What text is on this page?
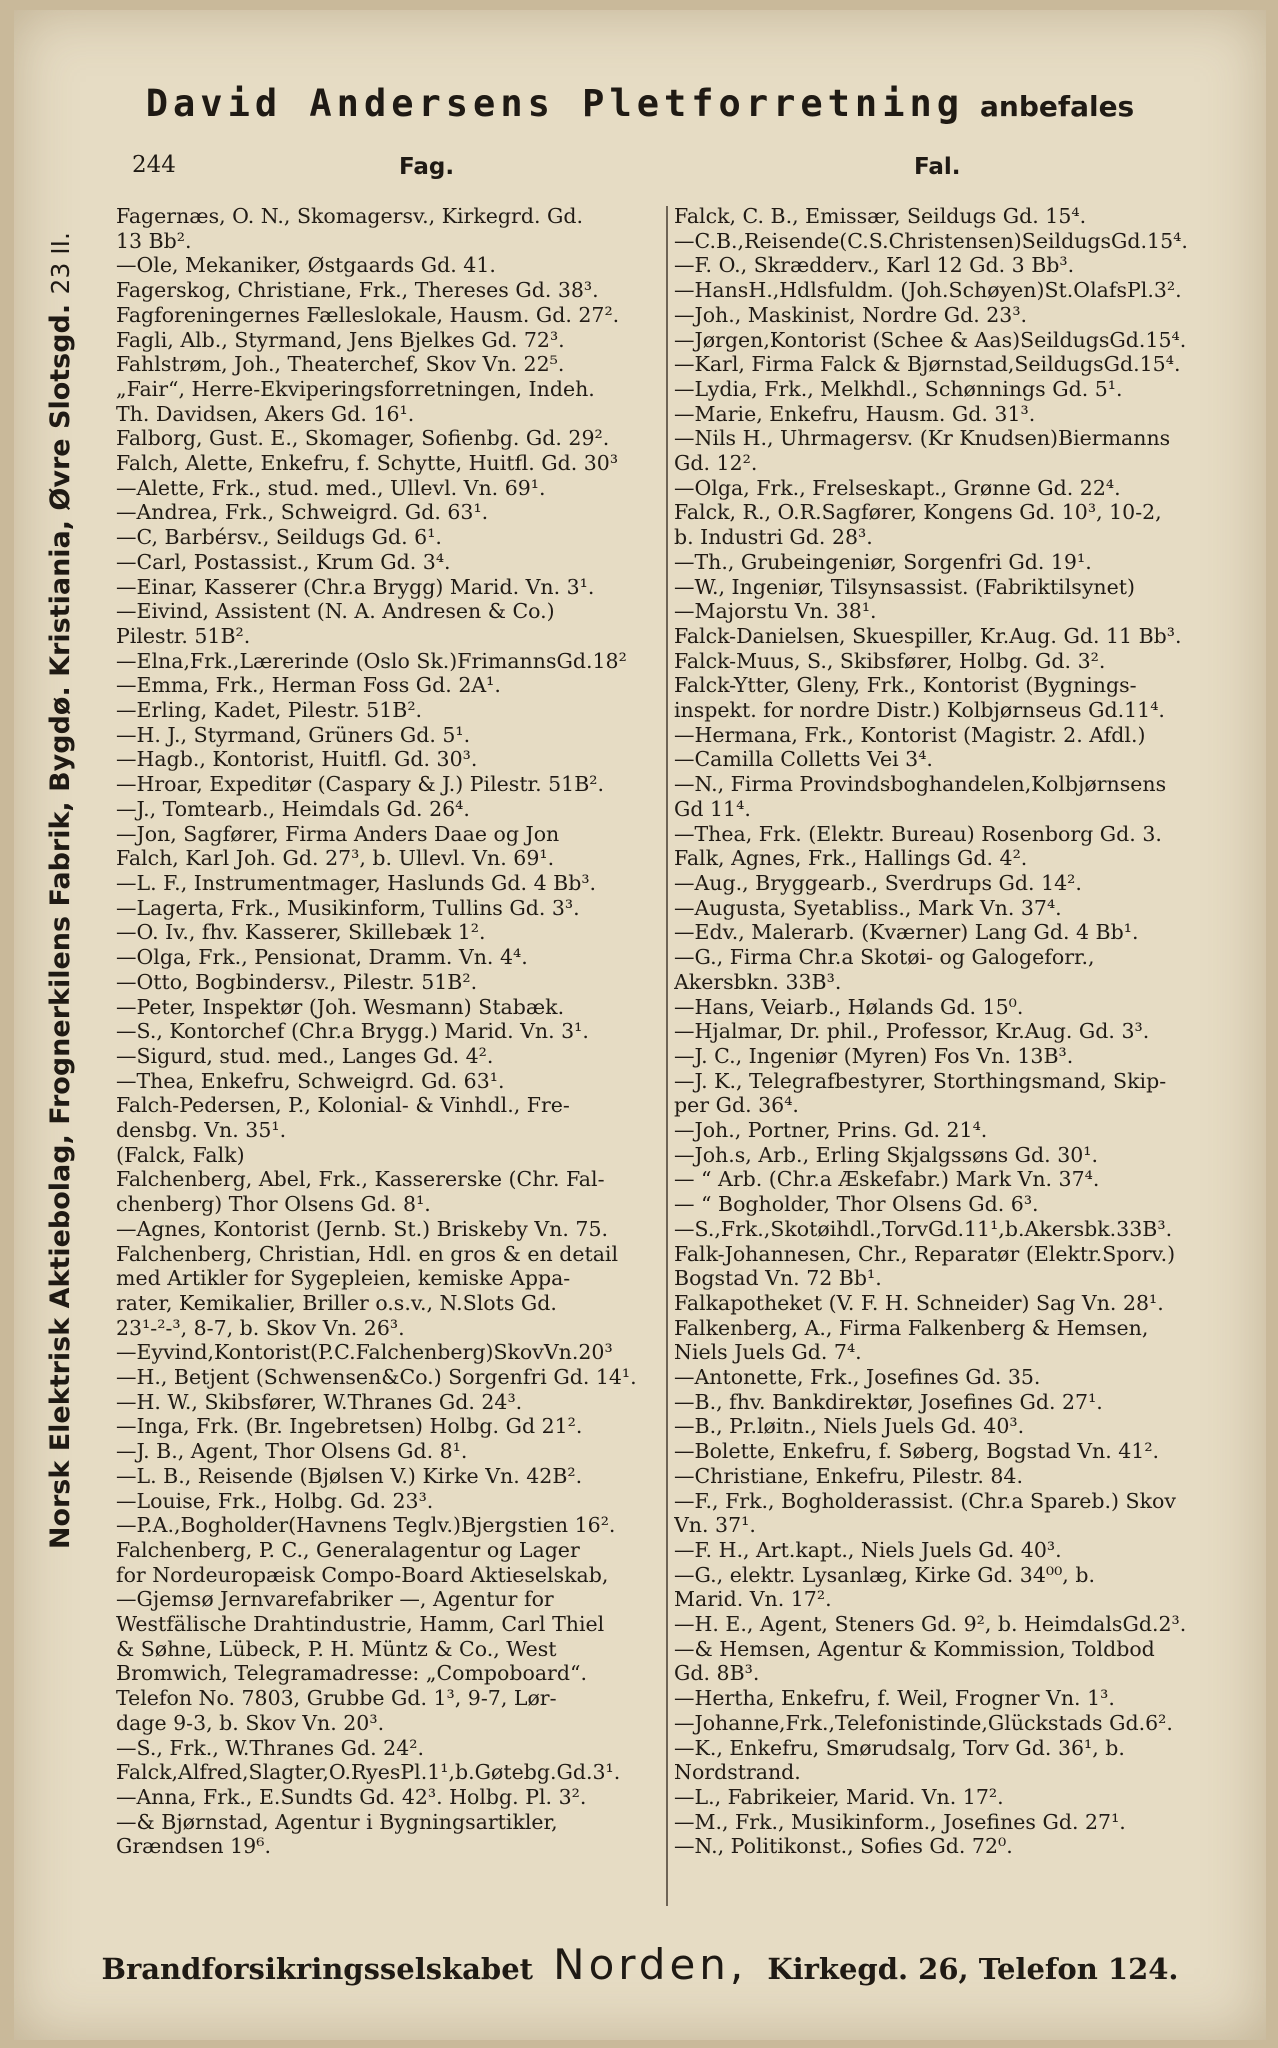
David Andersens Pletforretning anbefales
244	Fag.	Fal.
Norsk Elektrisk Aktiebolag, Frognerkilens Fabrik, Bygdø. Kristiania, Øvre Slotsgd. 23 II.
Fagernæs, O. N., Skomagersv., Kirkegrd. Gd.
13 Bb².
—Ole, Mekaniker, Østgaards Gd. 41.
Fagerskog, Christiane, Frk., Thereses Gd. 38³.
Fagforeningernes Fælleslokale, Hausm. Gd. 27².
Fagli, Alb., Styrmand, Jens Bjelkes Gd. 72³.
Fahlstrøm, Joh., Theaterchef, Skov Vn. 22⁵.
„Fair“, Herre-Ekviperingsforretningen, Indeh.
Th. Davidsen, Akers Gd. 16¹.
Falborg, Gust. E., Skomager, Sofienbg. Gd. 29².
Falch, Alette, Enkefru, f. Schytte, Huitfl. Gd. 30³
—Alette, Frk., stud. med., Ullevl. Vn. 69¹.
—Andrea, Frk., Schweigrd. Gd. 63¹.
—C, Barbérsv., Seildugs Gd. 6¹.
—Carl, Postassist., Krum Gd. 3⁴.
—Einar, Kasserer (Chr.a Brygg) Marid. Vn. 3¹.
—Eivind, Assistent (N. A. Andresen & Co.)
Pilestr. 51B².
—Elna,Frk.,Lærerinde (Oslo Sk.)FrimannsGd.18²
—Emma, Frk., Herman Foss Gd. 2A¹.
—Erling, Kadet, Pilestr. 51B².
—H. J., Styrmand, Grüners Gd. 5¹.
—Hagb., Kontorist, Huitfl. Gd. 30³.
—Hroar, Expeditør (Caspary & J.) Pilestr. 51B².
—J., Tomtearb., Heimdals Gd. 26⁴.
—Jon, Sagfører, Firma Anders Daae og Jon
Falch, Karl Joh. Gd. 27³, b. Ullevl. Vn. 69¹.
—L. F., Instrumentmager, Haslunds Gd. 4 Bb³.
—Lagerta, Frk., Musikinform, Tullins Gd. 3³.
—O. Iv., fhv. Kasserer, Skillebæk 1².
—Olga, Frk., Pensionat, Dramm. Vn. 4⁴.
—Otto, Bogbindersv., Pilestr. 51B².
—Peter, Inspektør (Joh. Wesmann) Stabæk.
—S., Kontorchef (Chr.a Brygg.) Marid. Vn. 3¹.
—Sigurd, stud. med., Langes Gd. 4².
—Thea, Enkefru, Schweigrd. Gd. 63¹.
Falch-Pedersen, P., Kolonial- & Vinhdl., Fre-
densbg. Vn. 35¹.
(Falck, Falk)
Falchenberg, Abel, Frk., Kassererske (Chr. Fal-
chenberg) Thor Olsens Gd. 8¹.
—Agnes, Kontorist (Jernb. St.) Briskeby Vn. 75.
Falchenberg, Christian, Hdl. en gros & en detail
med Artikler for Sygepleien, kemiske Appa-
rater, Kemikalier, Briller o.s.v., N.Slots Gd.
23¹-²-³, 8-7, b. Skov Vn. 26³.
—Eyvind,Kontorist(P.C.Falchenberg)SkovVn.20³
—H., Betjent (Schwensen&Co.) Sorgenfri Gd. 14¹.
—H. W., Skibsfører, W.Thranes Gd. 24³.
—Inga, Frk. (Br. Ingebretsen) Holbg. Gd 21².
—J. B., Agent, Thor Olsens Gd. 8¹.
—L. B., Reisende (Bjølsen V.) Kirke Vn. 42B².
—Louise, Frk., Holbg. Gd. 23³.
—P.A.,Bogholder(Havnens Teglv.)Bjergstien 16².
Falchenberg, P. C., Generalagentur og Lager
for Nordeuropæisk Compo-Board Aktieselskab,
—Gjemsø Jernvarefabriker —, Agentur for
Westfälische Drahtindustrie, Hamm, Carl Thiel
& Søhne, Lübeck, P. H. Müntz & Co., West
Bromwich, Telegramadresse: „Compoboard“.
Telefon No. 7803, Grubbe Gd. 1³, 9-7, Lør-
dage 9-3, b. Skov Vn. 20³.
—S., Frk., W.Thranes Gd. 24².
Falck,Alfred,Slagter,O.RyesPl.1¹,b.Gøtebg.Gd.3¹.
—Anna, Frk., E.Sundts Gd. 42³. Holbg. Pl. 3².
—& Bjørnstad, Agentur i Bygningsartikler,
Grændsen 19⁶.
Falck, C. B., Emissær, Seildugs Gd. 15⁴.
—C.B.,Reisende(C.S.Christensen)SeildugsGd.15⁴.
—F. O., Skrædderv., Karl 12 Gd. 3 Bb³.
—HansH.,Hdlsfuldm. (Joh.Schøyen)St.OlafsPl.3².
—Joh., Maskinist, Nordre Gd. 23³.
—Jørgen,Kontorist (Schee & Aas)SeildugsGd.15⁴.
—Karl, Firma Falck & Bjørnstad,SeildugsGd.15⁴.
—Lydia, Frk., Melkhdl., Schønnings Gd. 5¹.
—Marie, Enkefru, Hausm. Gd. 31³.
—Nils H., Uhrmagersv. (Kr Knudsen)Biermanns
Gd. 12².
—Olga, Frk., Frelseskapt., Grønne Gd. 22⁴.
Falck, R., O.R.Sagfører, Kongens Gd. 10³, 10-2,
b. Industri Gd. 28³.
—Th., Grubeingeniør, Sorgenfri Gd. 19¹.
—W., Ingeniør, Tilsynsassist. (Fabriktilsynet)
—Majorstu Vn. 38¹.
Falck-Danielsen, Skuespiller, Kr.Aug. Gd. 11 Bb³.
Falck-Muus, S., Skibsfører, Holbg. Gd. 3².
Falck-Ytter, Gleny, Frk., Kontorist (Bygnings-
inspekt. for nordre Distr.) Kolbjørnseus Gd.11⁴.
—Hermana, Frk., Kontorist (Magistr. 2. Afdl.)
—Camilla Colletts Vei 3⁴.
—N., Firma Provindsboghandelen,Kolbjørnsens
Gd 11⁴.
—Thea, Frk. (Elektr. Bureau) Rosenborg Gd. 3.
Falk, Agnes, Frk., Hallings Gd. 4².
—Aug., Bryggearb., Sverdrups Gd. 14².
—Augusta, Syetabliss., Mark Vn. 37⁴.
—Edv., Malerarb. (Kværner) Lang Gd. 4 Bb¹.
—G., Firma Chr.a Skotøi- og Galogeforr.,
Akersbkn. 33B³.
—Hans, Veiarb., Hølands Gd. 15⁰.
—Hjalmar, Dr. phil., Professor, Kr.Aug. Gd. 3³.
—J. C., Ingeniør (Myren) Fos Vn. 13B³.
—J. K., Telegrafbestyrer, Storthingsmand, Skip-
per Gd. 36⁴.
—Joh., Portner, Prins. Gd. 21⁴.
—Joh.s, Arb., Erling Skjalgssøns Gd. 30¹.
— “ Arb. (Chr.a Æskefabr.) Mark Vn. 37⁴.
— “ Bogholder, Thor Olsens Gd. 6³.
—S.,Frk.,Skotøihdl.,TorvGd.11¹,b.Akersbk.33B³.
Falk-Johannesen, Chr., Reparatør (Elektr.Sporv.)
Bogstad Vn. 72 Bb¹.
Falkapotheket (V. F. H. Schneider) Sag Vn. 28¹.
Falkenberg, A., Firma Falkenberg & Hemsen,
Niels Juels Gd. 7⁴.
—Antonette, Frk., Josefines Gd. 35.
—B., fhv. Bankdirektør, Josefines Gd. 27¹.
—B., Pr.løitn., Niels Juels Gd. 40³.
—Bolette, Enkefru, f. Søberg, Bogstad Vn. 41².
—Christiane, Enkefru, Pilestr. 84.
—F., Frk., Bogholderassist. (Chr.a Spareb.) Skov
Vn. 37¹.
—F. H., Art.kapt., Niels Juels Gd. 40³.
—G., elektr. Lysanlæg, Kirke Gd. 34⁰⁰, b.
Marid. Vn. 17².
—H. E., Agent, Steners Gd. 9², b. HeimdalsGd.2³.
—& Hemsen, Agentur & Kommission, Toldbod
Gd. 8B³.
—Hertha, Enkefru, f. Weil, Frogner Vn. 1³.
—Johanne,Frk.,Telefonistinde,Glückstads Gd.6².
—K., Enkefru, Smørudsalg, Torv Gd. 36¹, b.
Nordstrand.
—L., Fabrikeier, Marid. Vn. 17².
—M., Frk., Musikinform., Josefines Gd. 27¹.
—N., Politikonst., Sofies Gd. 72⁰.
Brandforsikringsselskabet Norden, Kirkegd. 26, Telefon 124.
